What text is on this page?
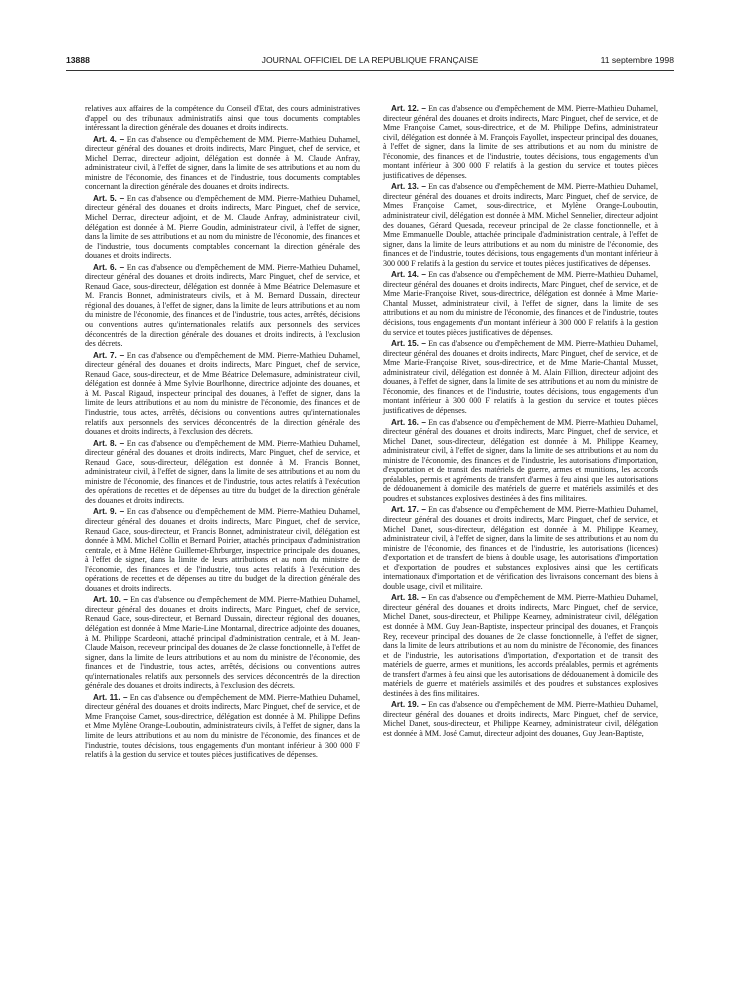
13888	JOURNAL OFFICIEL DE LA REPUBLIQUE FRANÇAISE	11 septembre 1998

relatives aux affaires de la compétence du Conseil d'Etat, des cours administratives d'appel ou des tribunaux administratifs ainsi que tous documents comptables intéressant la direction générale des douanes et droits indirects.

Art. 4. – En cas d'absence ou d'empêchement de MM. Pierre-Mathieu Duhamel, directeur général des douanes et droits indirects, Marc Pinguet, chef de service, et Michel Derrac, directeur adjoint, délégation est donnée à M. Claude Anfray, administrateur civil, à l'effet de signer, dans la limite de ses attributions et au nom du ministre de l'économie, des finances et de l'industrie, tous documents comptables concernant la direction générale des douanes et droits indirects.

Art. 5. – En cas d'absence ou d'empêchement de MM. Pierre-Mathieu Duhamel, directeur général des douanes et droits indirects, Marc Pinguet, chef de service, Michel Derrac, directeur adjoint, et de M. Claude Anfray, administrateur civil, délégation est donnée à M. Pierre Goudin, administrateur civil, à l'effet de signer, dans la limite de ses attributions et au nom du ministre de l'économie, des finances et de l'industrie, tous documents comptables concernant la direction générale des douanes et droits indirects.

Art. 6. – En cas d'absence ou d'empêchement de MM. Pierre-Mathieu Duhamel, directeur général des douanes et droits indirects, Marc Pinguet, chef de service, et Renaud Gace, sous-directeur, délégation est donnée à Mme Béatrice Delemasure et M. Francis Bonnet, administrateurs civils, et à M. Bernard Dussain, directeur régional des douanes, à l'effet de signer, dans la limite de leurs attributions et au nom du ministre de l'économie, des finances et de l'industrie, tous actes, arrêtés, décisions ou conventions autres qu'internationales relatifs aux personnels des services déconcentrés de la direction générale des douanes et droits indirects, à l'exclusion des décrets.

Art. 7. – En cas d'absence ou d'empêchement de MM. Pierre-Mathieu Duhamel, directeur général des douanes et droits indirects, Marc Pinguet, chef de service, Renaud Gace, sous-directeur, et de Mme Béatrice Delemasure, administrateur civil, délégation est donnée à Mme Sylvie Bourlhonne, directrice adjointe des douanes, et à M. Pascal Rigaud, inspecteur principal des douanes, à l'effet de signer, dans la limite de leurs attributions et au nom du ministre de l'économie, des finances et de l'industrie, tous actes, arrêtés, décisions ou conventions autres qu'internationales relatifs aux personnels des services déconcentrés de la direction générale des douanes et droits indirects, à l'exclusion des décrets.

Art. 8. – En cas d'absence ou d'empêchement de MM. Pierre-Mathieu Duhamel, directeur général des douanes et droits indirects, Marc Pinguet, chef de service, et Renaud Gace, sous-directeur, délégation est donnée à M. Francis Bonnet, administrateur civil, à l'effet de signer, dans la limite de ses attributions et au nom du ministre de l'économie, des finances et de l'industrie, tous actes relatifs à l'exécution des opérations de recettes et de dépenses au titre du budget de la direction générale des douanes et droits indirects.

Art. 9. – En cas d'absence ou d'empêchement de MM. Pierre-Mathieu Duhamel, directeur général des douanes et droits indirects, Marc Pinguet, chef de service, Renaud Gace, sous-directeur, et Francis Bonnet, administrateur civil, délégation est donnée à MM. Michel Collin et Bernard Poirier, attachés principaux d'administration centrale, et à Mme Hélène Guillemet-Ehrburger, inspectrice principale des douanes, à l'effet de signer, dans la limite de leurs attributions et au nom du ministre de l'économie, des finances et de l'industrie, tous actes relatifs à l'exécution des opérations de recettes et de dépenses au titre du budget de la direction générale des douanes et droits indirects.

Art. 10. – En cas d'absence ou d'empêchement de MM. Pierre-Mathieu Duhamel, directeur général des douanes et droits indirects, Marc Pinguet, chef de service, Renaud Gace, sous-directeur, et Bernard Dussain, directeur régional des douanes, délégation est donnée à Mme Marie-Line Montarnal, directrice adjointe des douanes, à M. Philippe Scardeoni, attaché principal d'administration centrale, et à M. Jean-Claude Maison, receveur principal des douanes de 2e classe fonctionnelle, à l'effet de signer, dans la limite de leurs attributions et au nom du ministre de l'économie, des finances et de l'industrie, tous actes, arrêtés, décisions ou conventions autres qu'internationales relatifs aux personnels des services déconcentrés de la direction générale des douanes et droits indirects, à l'exclusion des décrets.

Art. 11. – En cas d'absence ou d'empêchement de MM. Pierre-Mathieu Duhamel, directeur général des douanes et droits indirects, Marc Pinguet, chef de service, et de Mme Françoise Camet, sous-directrice, délégation est donnée à M. Philippe Defins et Mme Mylène Orange-Louboutin, administrateurs civils, à l'effet de signer, dans la limite de leurs attributions et au nom du ministre de l'économie, des finances et de l'industrie, toutes décisions, tous engagements d'un montant inférieur à 300 000 F relatifs à la gestion du service et toutes pièces justificatives de dépenses.

Art. 12. – En cas d'absence ou d'empêchement de MM. Pierre-Mathieu Duhamel, directeur général des douanes et droits indirects, Marc Pinguet, chef de service, et de Mme Françoise Camet, sous-directrice, et de M. Philippe Defins, administrateur civil, délégation est donnée à M. François Fayollet, inspecteur principal des douanes, à l'effet de signer, dans la limite de ses attributions et au nom du ministre de l'économie, des finances et de l'industrie, toutes décisions, tous engagements d'un montant inférieur à 300 000 F relatifs à la gestion du service et toutes pièces justificatives de dépenses.

Art. 13. – En cas d'absence ou d'empêchement de MM. Pierre-Mathieu Duhamel, directeur général des douanes et droits indirects, Marc Pinguet, chef de service, de Mmes Françoise Camet, sous-directrice, et Mylène Orange-Louboutin, administrateur civil, délégation est donnée à MM. Michel Sennelier, directeur adjoint des douanes, Gérard Quesada, receveur principal de 2e classe fonctionnelle, et à Mme Emmanuelle Double, attachée principale d'administration centrale, à l'effet de signer, dans la limite de leurs attributions et au nom du ministre de l'économie, des finances et de l'industrie, toutes décisions, tous engagements d'un montant inférieur à 300 000 F relatifs à la gestion du service et toutes pièces justificatives de dépenses.

Art. 14. – En cas d'absence ou d'empêchement de MM. Pierre-Mathieu Duhamel, directeur général des douanes et droits indirects, Marc Pinguet, chef de service, et de Mme Marie-Françoise Rivet, sous-directrice, délégation est donnée à Mme Marie-Chantal Musset, administrateur civil, à l'effet de signer, dans la limite de ses attributions et au nom du ministre de l'économie, des finances et de l'industrie, toutes décisions, tous engagements d'un montant inférieur à 300 000 F relatifs à la gestion du service et toutes pièces justificatives de dépenses.

Art. 15. – En cas d'absence ou d'empêchement de MM. Pierre-Mathieu Duhamel, directeur général des douanes et droits indirects, Marc Pinguet, chef de service, et de Mme Marie-Françoise Rivet, sous-directrice, et de Mme Marie-Chantal Musset, administrateur civil, délégation est donnée à M. Alain Fillion, directeur adjoint des douanes, à l'effet de signer, dans la limite de ses attributions et au nom du ministre de l'économie, des finances et de l'industrie, toutes décisions, tous engagements d'un montant inférieur à 300 000 F relatifs à la gestion du service et toutes pièces justificatives de dépenses.

Art. 16. – En cas d'absence ou d'empêchement de MM. Pierre-Mathieu Duhamel, directeur général des douanes et droits indirects, Marc Pinguet, chef de service, et Michel Danet, sous-directeur, délégation est donnée à M. Philippe Kearney, administrateur civil, à l'effet de signer, dans la limite de ses attributions et au nom du ministre de l'économie, des finances et de l'industrie, les autorisations d'importation, d'exportation et de transit des matériels de guerre, armes et munitions, les accords préalables, permis et agréments de transfert d'armes à feu ainsi que les autorisations de dédouanement à domicile des matériels de guerre et matériels assimilés et des poudres et substances explosives destinées à des fins militaires.

Art. 17. – En cas d'absence ou d'empêchement de MM. Pierre-Mathieu Duhamel, directeur général des douanes et droits indirects, Marc Pinguet, chef de service, et Michel Danet, sous-directeur, délégation est donnée à M. Philippe Kearney, administrateur civil, à l'effet de signer, dans la limite de ses attributions et au nom du ministre de l'économie, des finances et de l'industrie, les autorisations (licences) d'exportation et de transfert de biens à double usage, les autorisations d'importation et d'exportation de poudres et substances explosives ainsi que les certificats internationaux d'importation et de vérification des livraisons concernant des biens à double usage, civil et militaire.

Art. 18. – En cas d'absence ou d'empêchement de MM. Pierre-Mathieu Duhamel, directeur général des douanes et droits indirects, Marc Pinguet, chef de service, Michel Danet, sous-directeur, et Philippe Kearney, administrateur civil, délégation est donnée à MM. Guy Jean-Baptiste, inspecteur principal des douanes, et François Rey, receveur principal des douanes de 2e classe fonctionnelle, à l'effet de signer, dans la limite de leurs attributions et au nom du ministre de l'économie, des finances et de l'industrie, les autorisations d'importation, d'exportation et de transit des matériels de guerre, armes et munitions, les accords préalables, permis et agréments de transfert d'armes à feu ainsi que les autorisations de dédouanement à domicile des matériels de guerre et matériels assimilés et des poudres et substances explosives destinées à des fins militaires.

Art. 19. – En cas d'absence ou d'empêchement de MM. Pierre-Mathieu Duhamel, directeur général des douanes et droits indirects, Marc Pinguet, chef de service, Michel Danet, sous-directeur, et Philippe Kearney, administrateur civil, délégation est donnée à MM. José Camut, directeur adjoint des douanes, Guy Jean-Baptiste,
